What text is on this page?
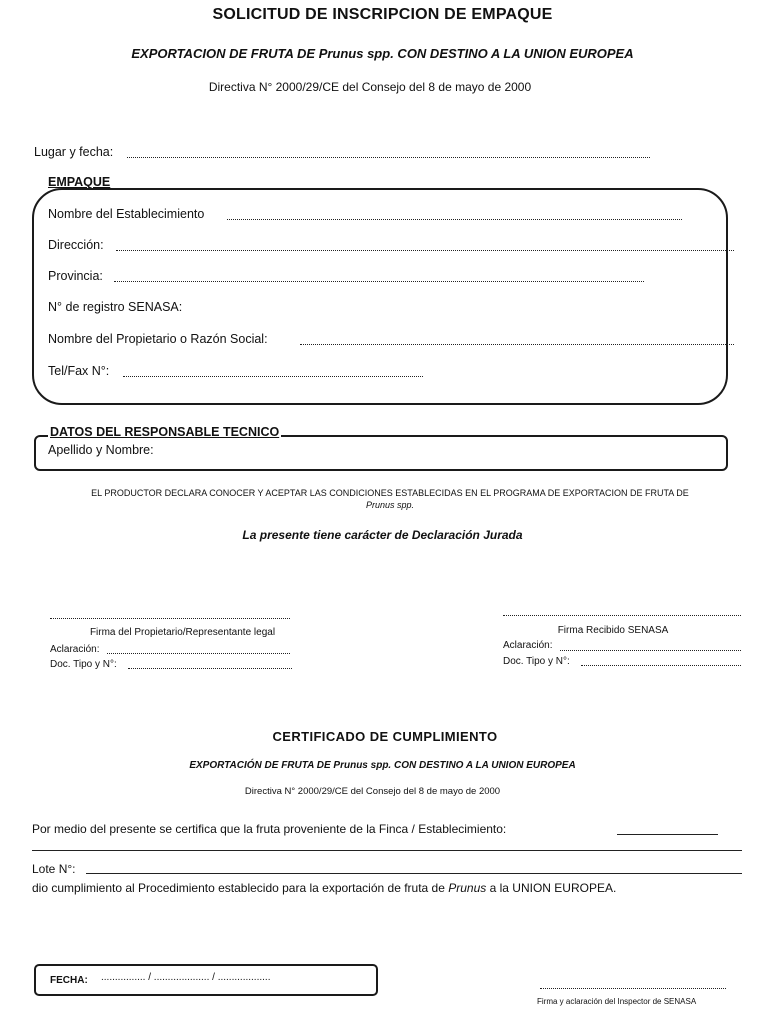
SOLICITUD DE INSCRIPCION DE EMPAQUE
EXPORTACION DE FRUTA DE Prunus spp. CON DESTINO A LA UNION EUROPEA
Directiva N° 2000/29/CE del Consejo del 8 de mayo de 2000
Lugar y fecha:
EMPAQUE
Nombre del Establecimiento
Dirección:
Provincia:
N° de registro SENASA:
Nombre del Propietario o Razón Social:
Tel/Fax N°:
DATOS DEL RESPONSABLE TECNICO
Apellido y Nombre:
EL PRODUCTOR DECLARA CONOCER Y ACEPTAR LAS CONDICIONES ESTABLECIDAS EN EL PROGRAMA DE EXPORTACION DE FRUTA DE
Prunus spp.
La presente tiene carácter de Declaración Jurada
Firma del Propietario/Representante legal
Aclaración:
Doc. Tipo y N°:
Firma Recibido SENASA
Aclaración:
Doc. Tipo y N°:
CERTIFICADO DE CUMPLIMIENTO
EXPORTACIÓN DE FRUTA DE Prunus spp. CON DESTINO A LA UNION EUROPEA
Directiva N° 2000/29/CE del Consejo del 8 de mayo de 2000
Por medio del presente se certifica que la fruta proveniente de la Finca / Establecimiento:
Lote N°:
dio cumplimiento al Procedimiento establecido para la exportación de fruta de Prunus a la UNION EUROPEA.
FECHA: ................ / .................... / ...................
Firma y aclaración del Inspector de SENASA
